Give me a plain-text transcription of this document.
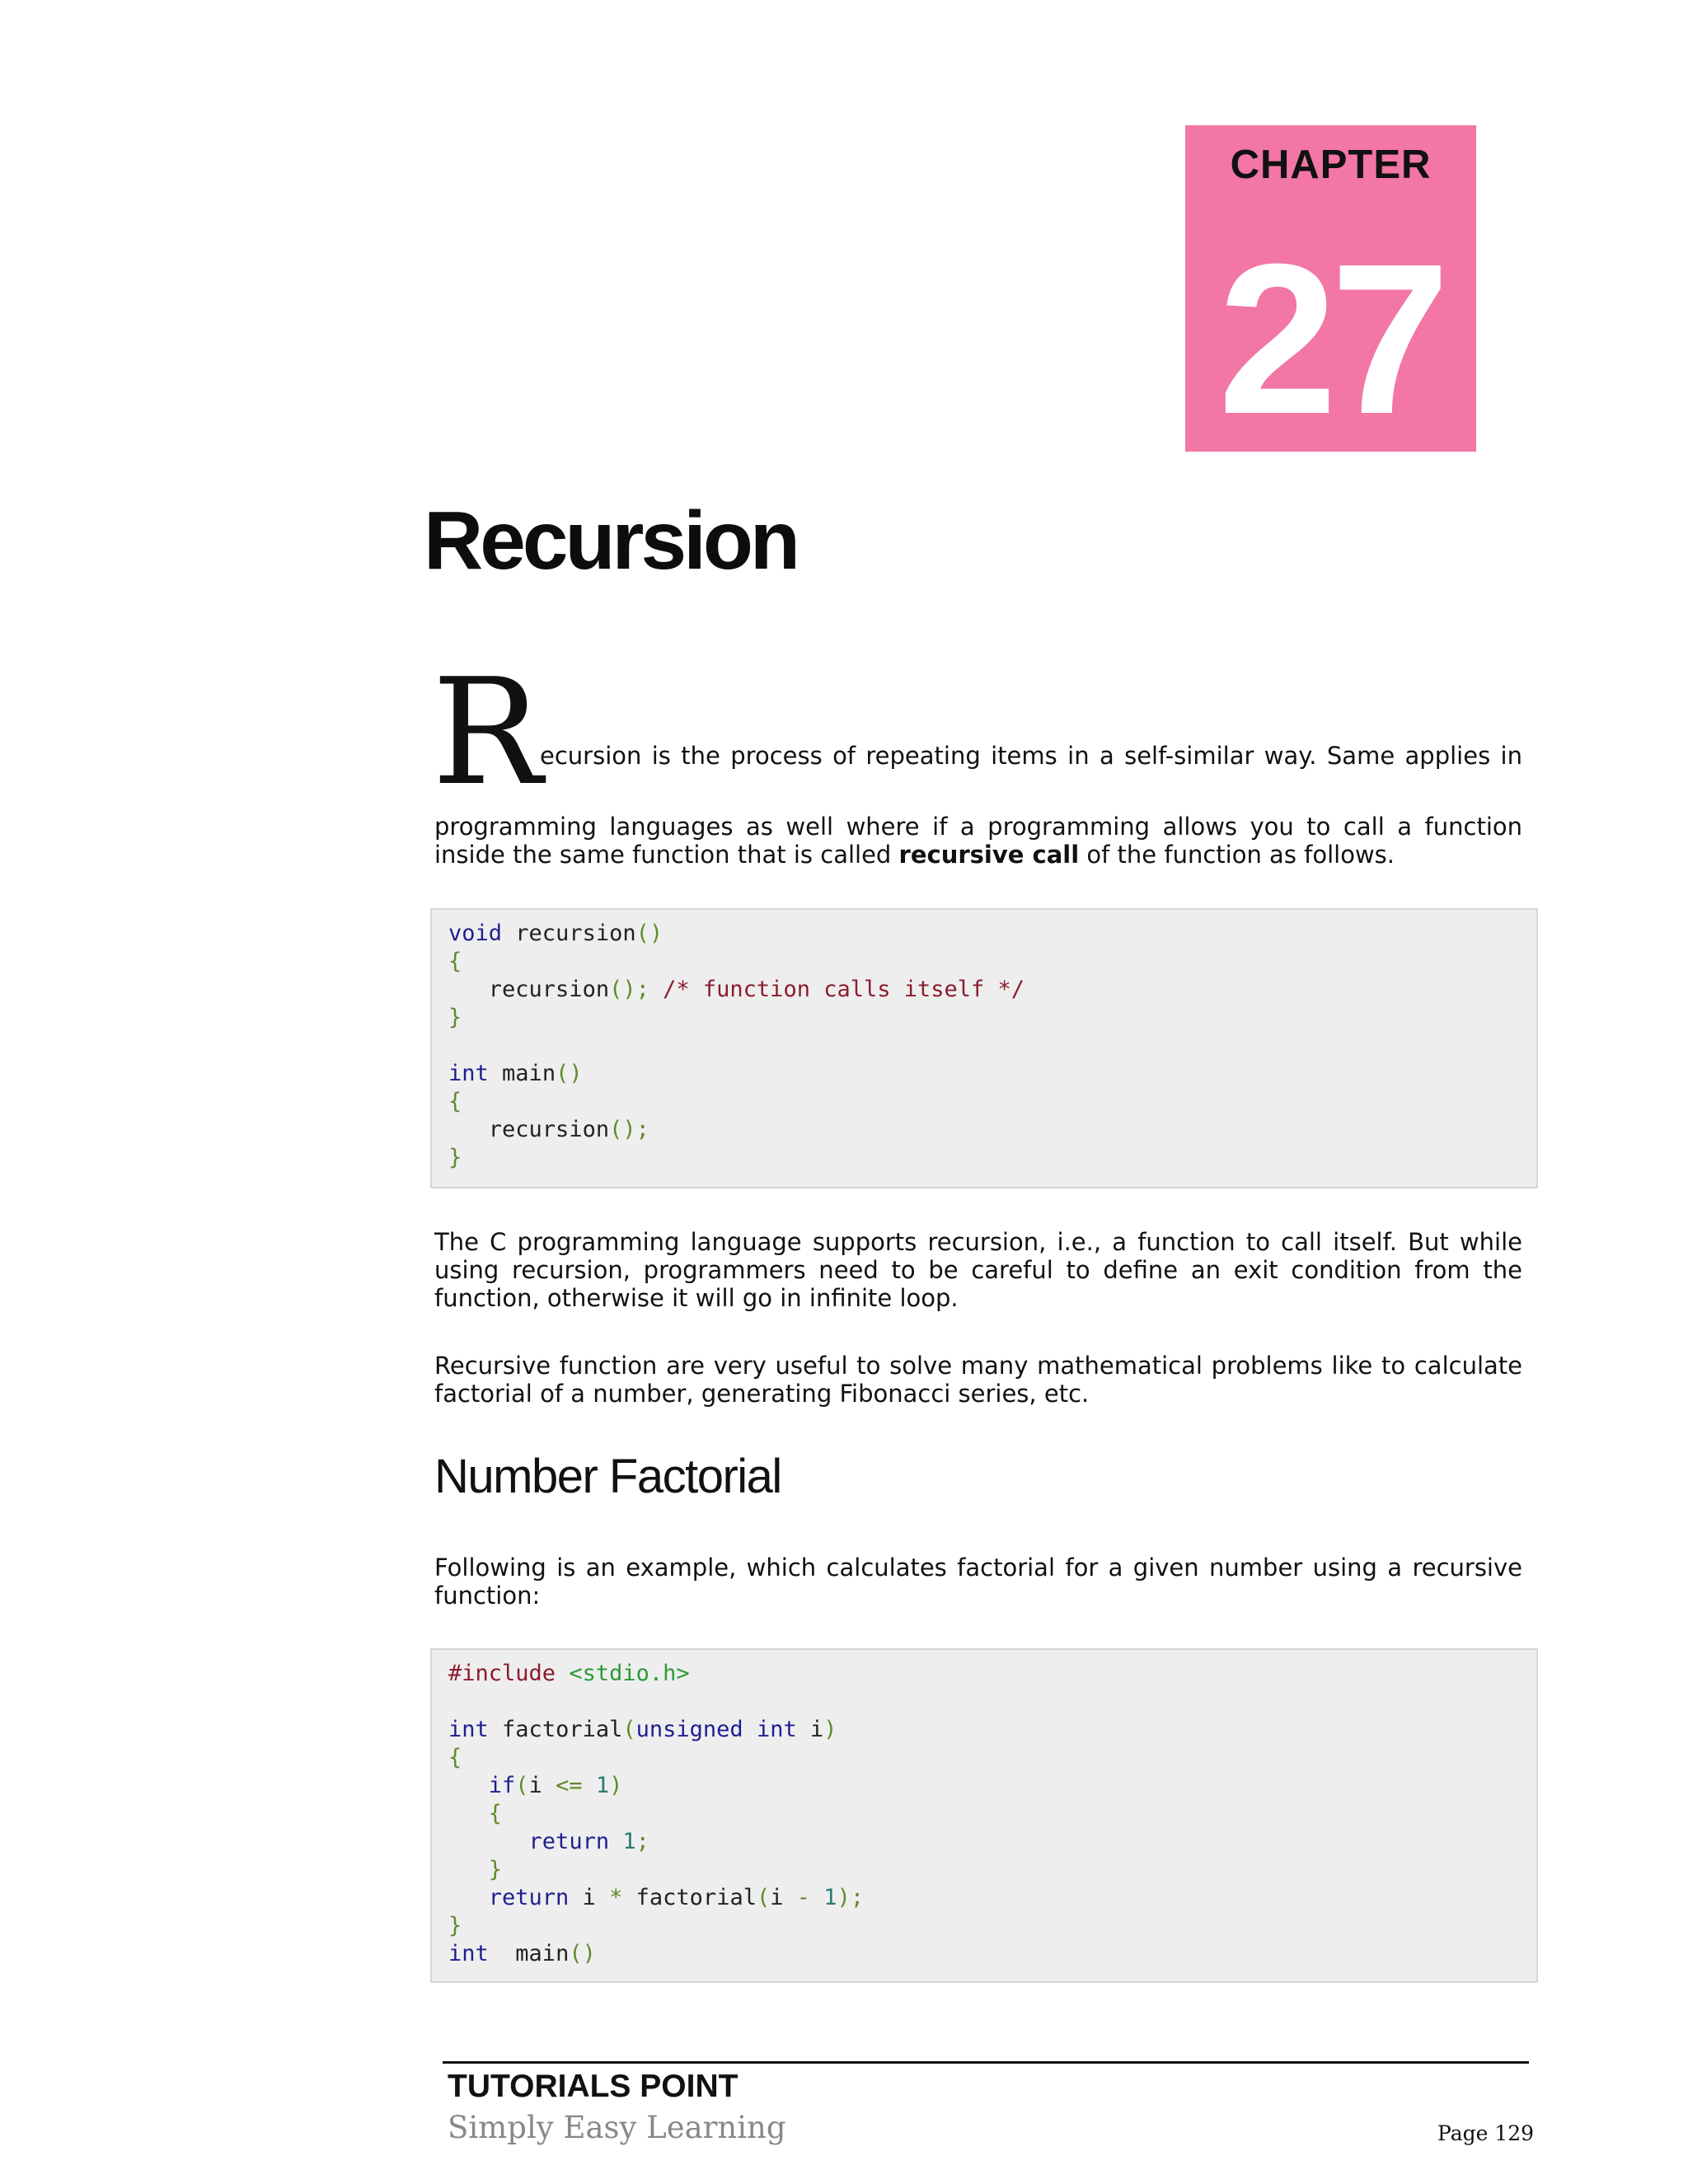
CHAPTER
27
Recursion
R
ecursion is the process of repeating items in a self-similar way. Same applies in
programming languages as well where if a programming allows you to call a function inside the same function that is called recursive call of the function as follows.
void recursion()
{
recursion(); /* function calls itself */
}
int main()
{
recursion();
}
The C programming language supports recursion, i.e., a function to call itself. But while using recursion, programmers need to be careful to define an exit condition from the function, otherwise it will go in infinite loop.
Recursive function are very useful to solve many mathematical problems like to calculate factorial of a number, generating Fibonacci series, etc.
Number Factorial
Following is an example, which calculates factorial for a given number using a recursive function:
#include <stdio.h>
int factorial(unsigned int i)
{
if(i <= 1)
{
return 1;
}
return i * factorial(i - 1);
}
int main()
TUTORIALS POINT
Simply Easy Learning	Page 129
